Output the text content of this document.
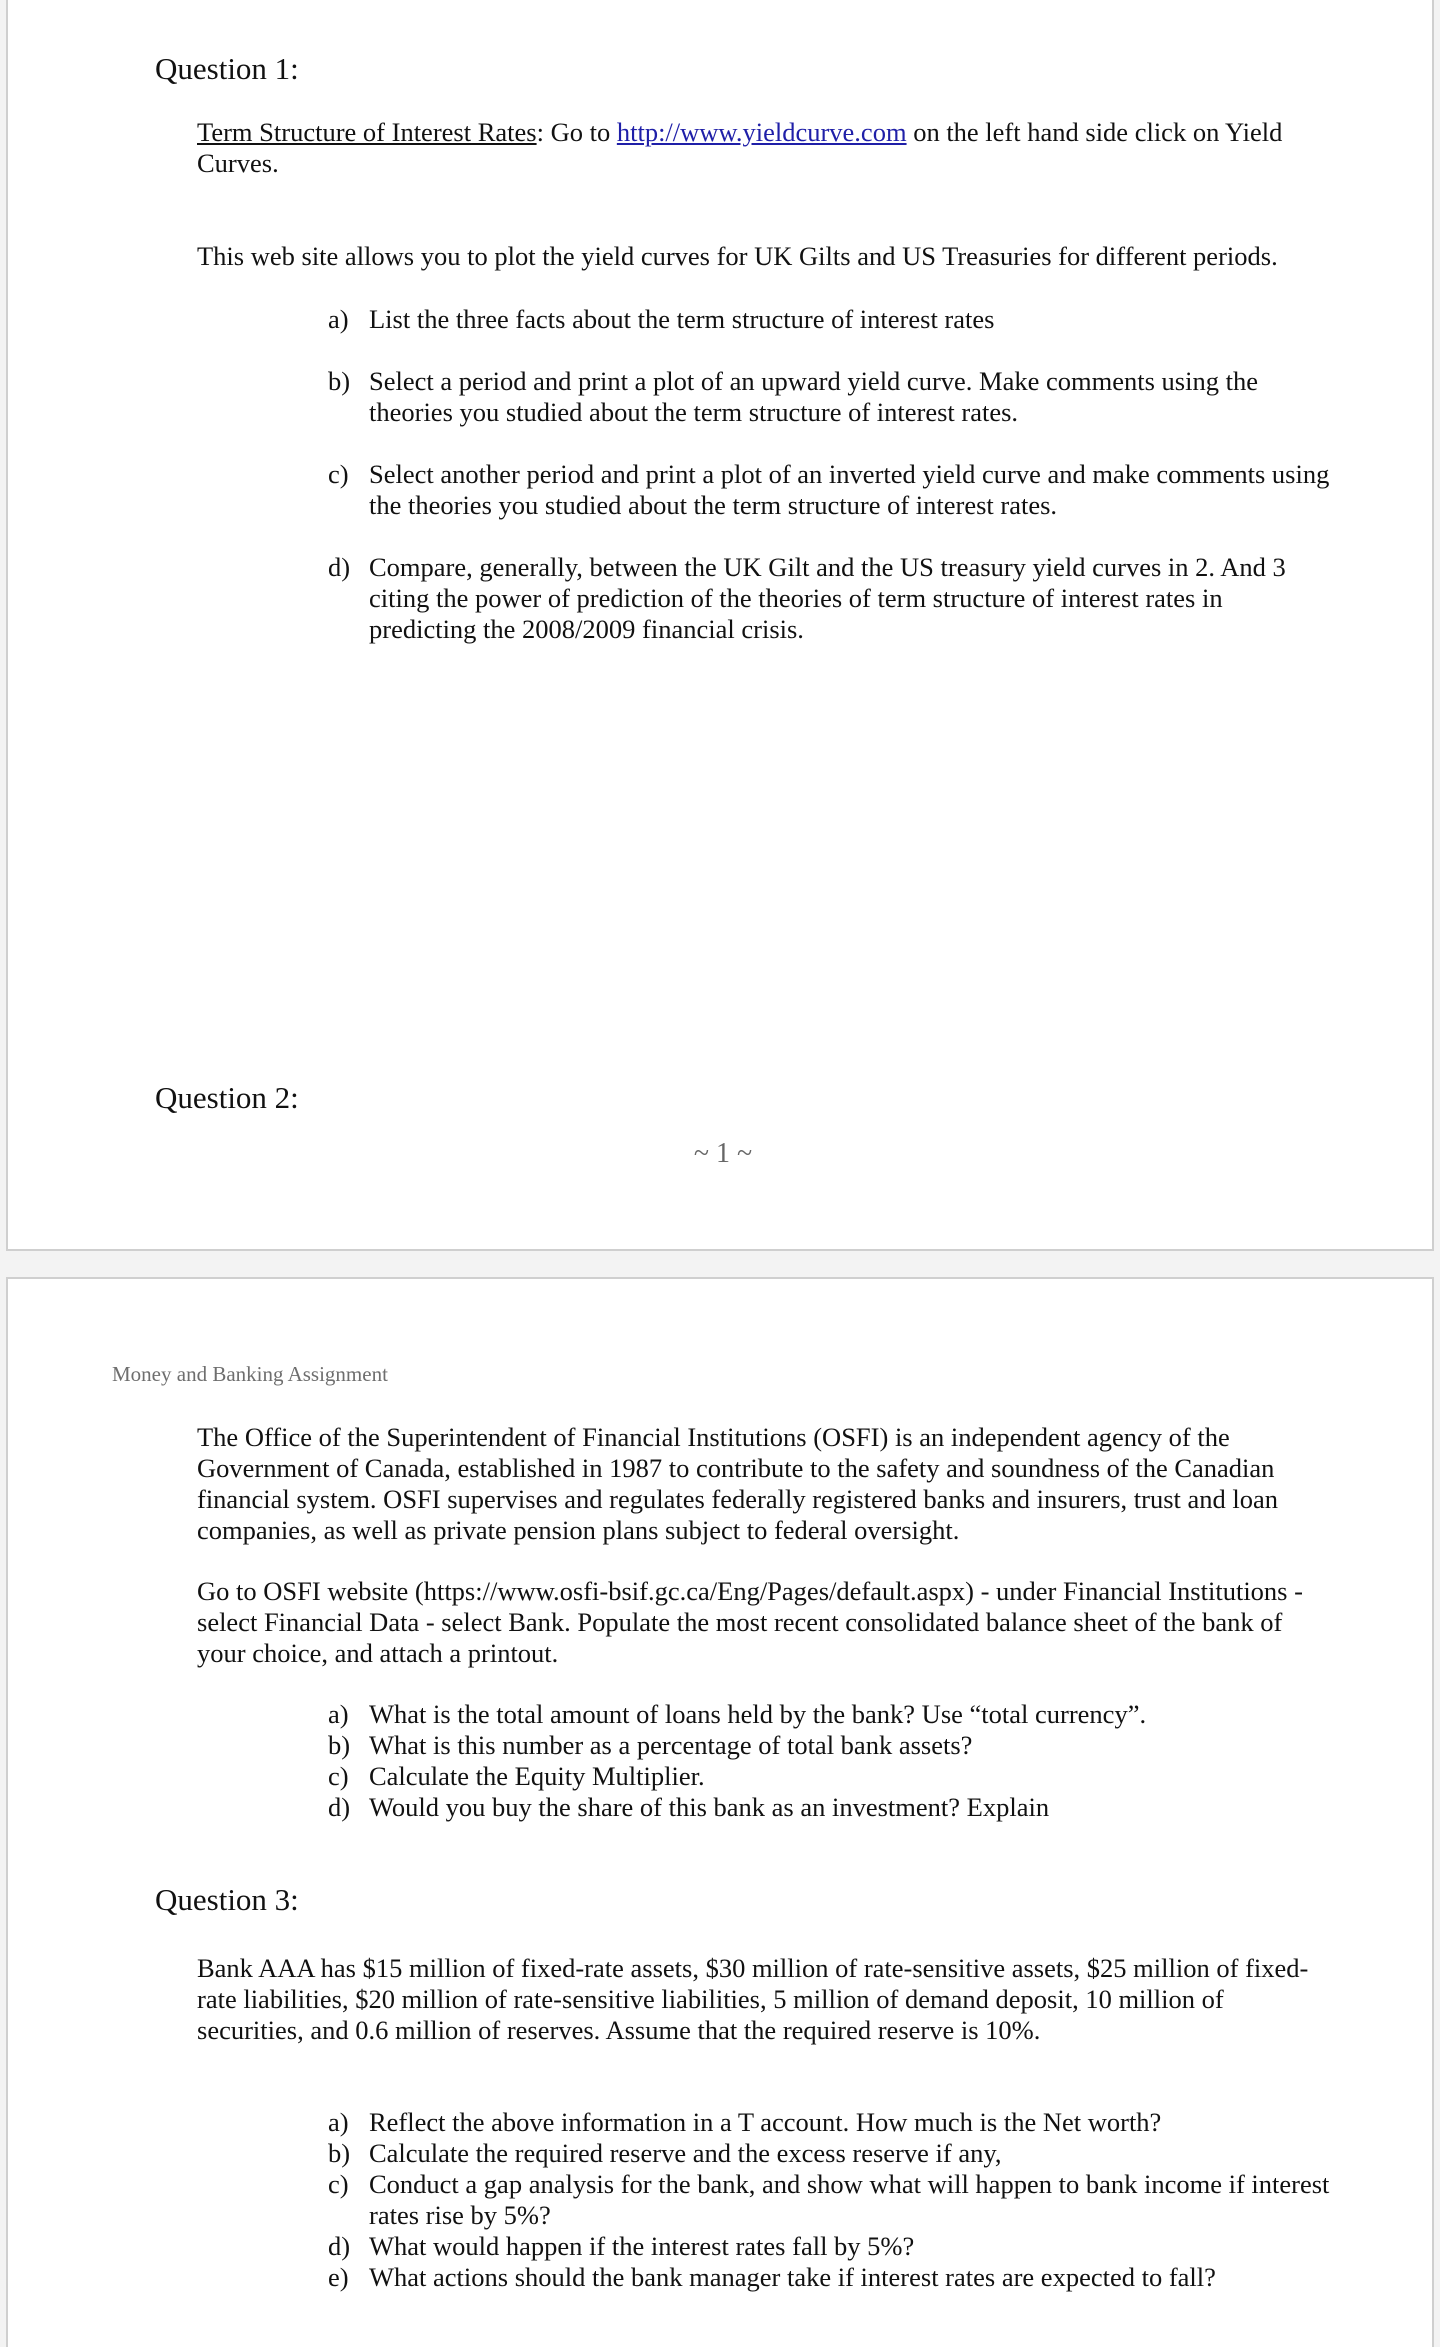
Question 1:

Term Structure of Interest Rates: Go to http://www.yieldcurve.com on the left hand side click on Yield Curves.

This web site allows you to plot the yield curves for UK Gilts and US Treasuries for different periods.

a) List the three facts about the term structure of interest rates
b) Select a period and print a plot of an upward yield curve. Make comments using the theories you studied about the term structure of interest rates.
c) Select another period and print a plot of an inverted yield curve and make comments using the theories you studied about the term structure of interest rates.
d) Compare, generally, between the UK Gilt and the US treasury yield curves in 2. And 3 citing the power of prediction of the theories of term structure of interest rates in predicting the 2008/2009 financial crisis.
Question 2:
~ 1 ~
Money and Banking Assignment

The Office of the Superintendent of Financial Institutions (OSFI) is an independent agency of the Government of Canada, established in 1987 to contribute to the safety and soundness of the Canadian financial system. OSFI supervises and regulates federally registered banks and insurers, trust and loan companies, as well as private pension plans subject to federal oversight.

Go to OSFI website (https://www.osfi-bsif.gc.ca/Eng/Pages/default.aspx) - under Financial Institutions - select Financial Data - select Bank. Populate the most recent consolidated balance sheet of the bank of your choice, and attach a printout.

a) What is the total amount of loans held by the bank? Use “total currency”.
b) What is this number as a percentage of total bank assets?
c) Calculate the Equity Multiplier.
d) Would you buy the share of this bank as an investment? Explain
Question 3:

Bank AAA has $15 million of fixed-rate assets, $30 million of rate-sensitive assets, $25 million of fixed-rate liabilities, $20 million of rate-sensitive liabilities, 5 million of demand deposit, 10 million of securities, and 0.6 million of reserves. Assume that the required reserve is 10%.

a) Reflect the above information in a T account. How much is the Net worth?
b) Calculate the required reserve and the excess reserve if any,
c) Conduct a gap analysis for the bank, and show what will happen to bank income if interest rates rise by 5%?
d) What would happen if the interest rates fall by 5%?
e) What actions should the bank manager take if interest rates are expected to fall?
